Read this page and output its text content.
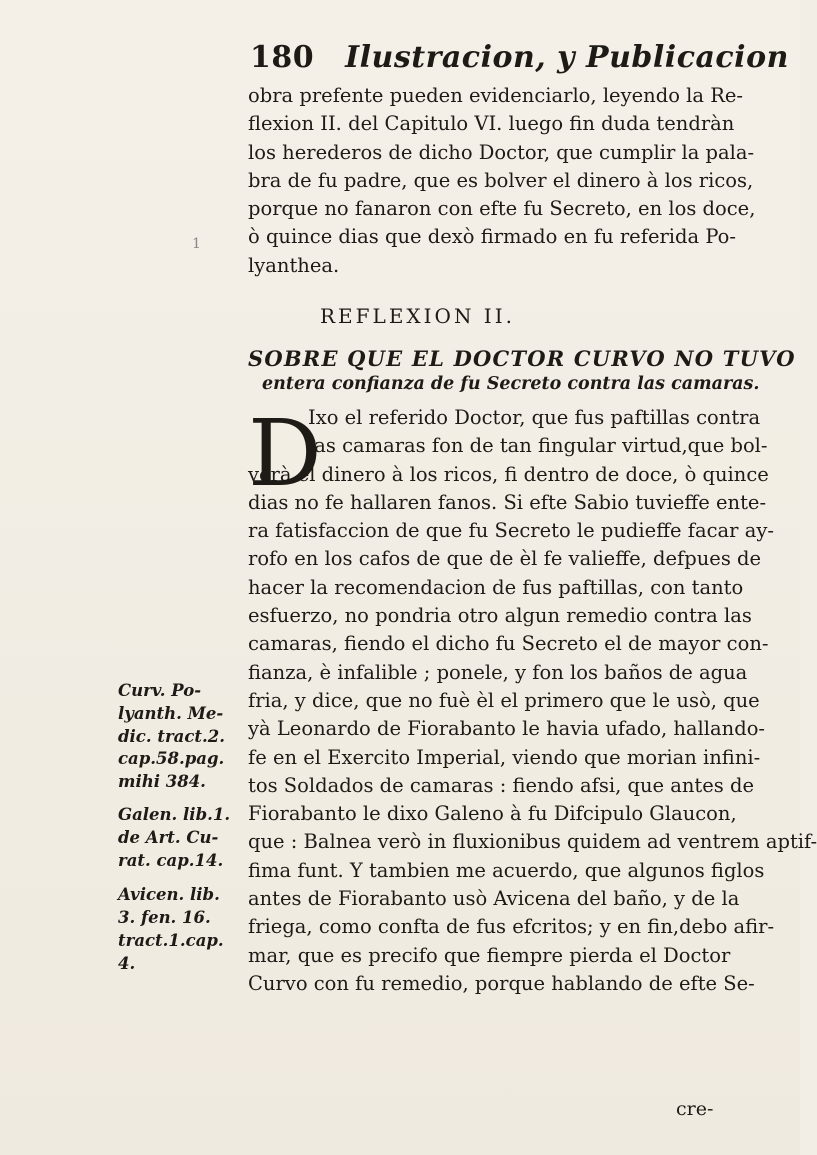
180 Ilustracion, y Publicacion
obra prefente pueden evidenciarlo, leyendo la Re-
flexion II. del Capitulo VI. luego fin duda tendràn
los herederos de dicho Doctor, que cumplir la pala-
bra de fu padre, que es bolver el dinero à los ricos,
porque no fanaron con efte fu Secreto, en los doce,
ò quince dias que dexò firmado en fu referida Po-
lyanthea.
1
REFLEXION II.
SOBRE QUE EL DOCTOR CURVO NO TUVO
entera confianza de fu Secreto contra las camaras.
D
Ixo el referido Doctor, que fus paftillas contra
las camaras fon de tan fingular virtud,que bol-
verà el dinero à los ricos, fi dentro de doce, ò quince
dias no fe hallaren fanos. Si efte Sabio tuvieffe ente-
ra fatisfaccion de que fu Secreto le pudieffe facar ay-
rofo en los cafos de que de èl fe valieffe, defpues de
hacer la recomendacion de fus paftillas, con tanto
esfuerzo, no pondria otro algun remedio contra las
camaras, fiendo el dicho fu Secreto el de mayor con-
fianza, è infalible ; ponele, y fon los baños de agua
fria, y dice, que no fuè èl el primero que le usò, que
yà Leonardo de Fiorabanto le havia ufado, hallando-
fe en el Exercito Imperial, viendo que morian infini-
tos Soldados de camaras : fiendo afsi, que antes de
Fiorabanto le dixo Galeno à fu Difcipulo Glaucon,
que : Balnea verò in fluxionibus quidem ad ventrem aptif-
fima funt. Y tambien me acuerdo, que algunos figlos
antes de Fiorabanto usò Avicena del baño, y de la
friega, como confta de fus efcritos; y en fin,debo afir-
mar, que es precifo que fiempre pierda el Doctor
Curvo con fu remedio, porque hablando de efte Se-
Curv. Po-
lyanth. Me-
dic. tract.2.
cap.58.pag.
mihi 384.
Galen. lib.1.
de Art. Cu-
rat. cap.14.
Avicen. lib.
3. fen. 16.
tract.1.cap.
4.
cre-
